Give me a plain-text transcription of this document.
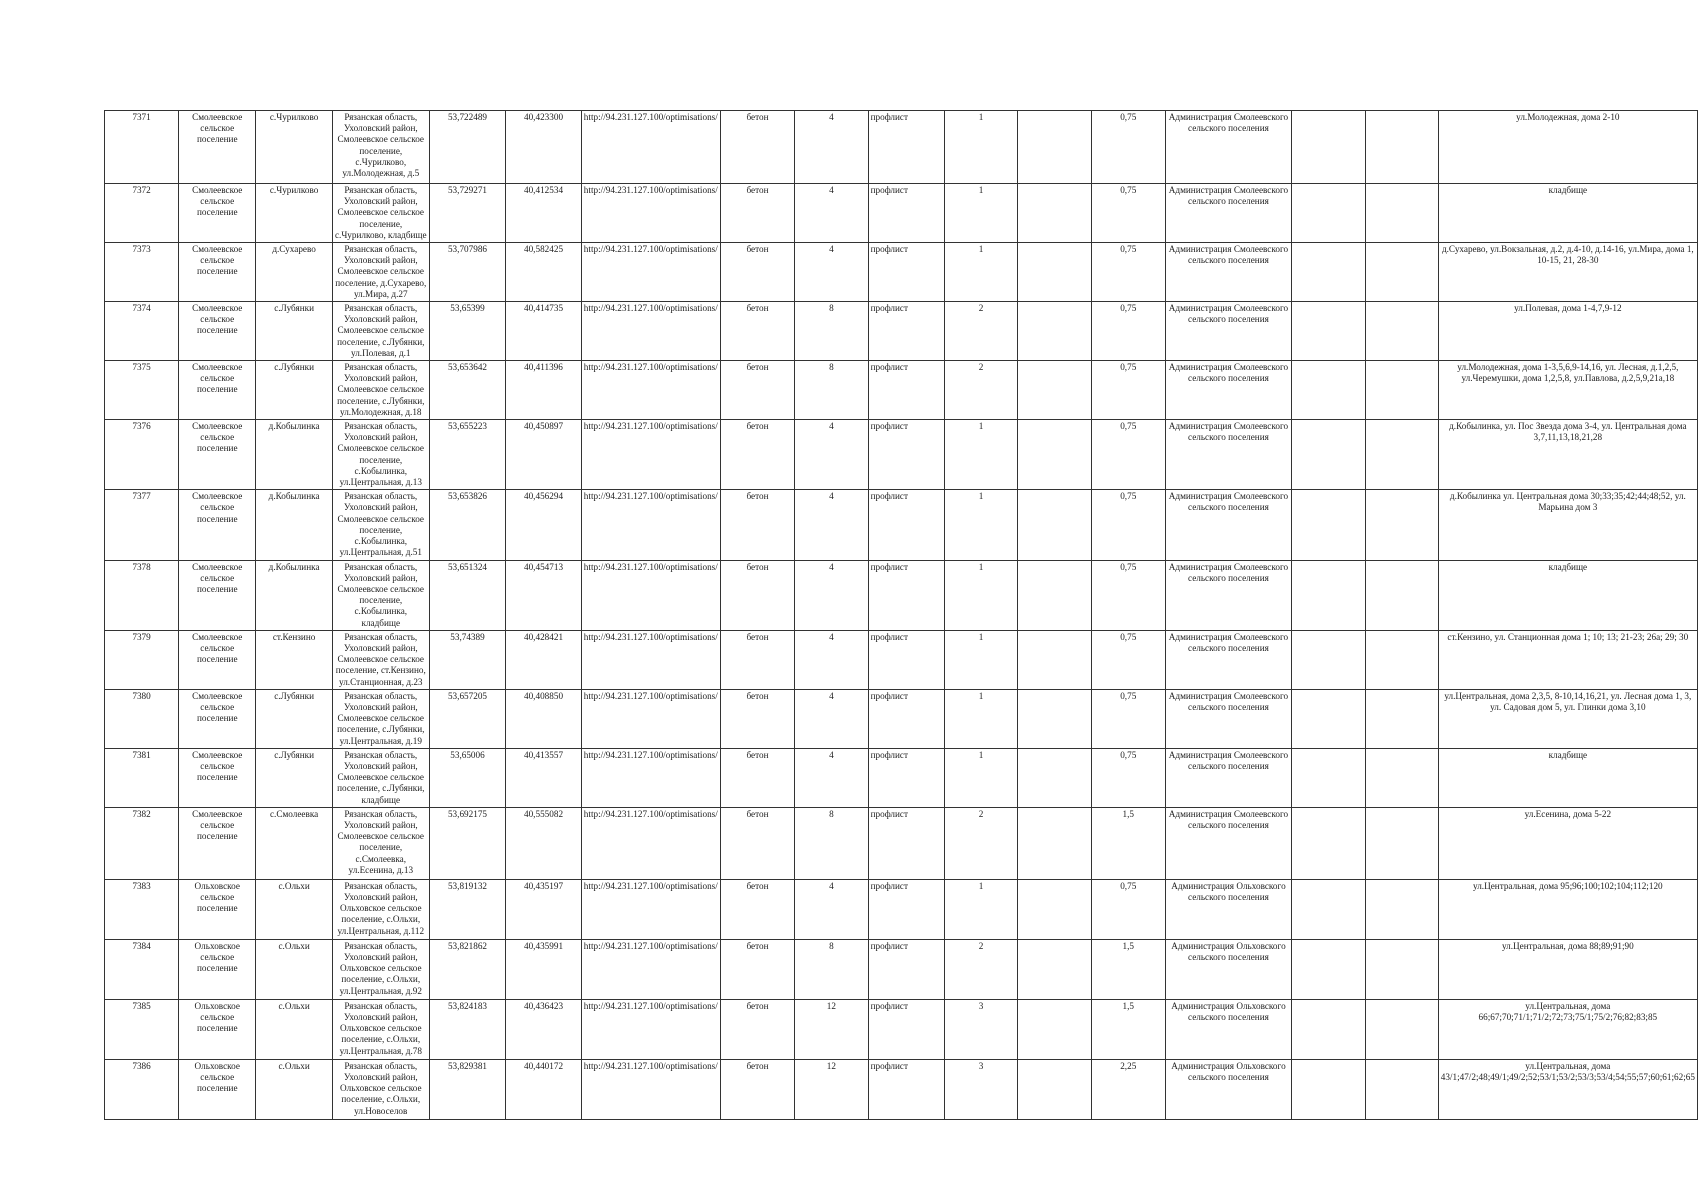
7371	Смолеевское сельское поселение	с.Чурилково	Рязанская область, Ухоловский район, Смолеевское сельское поселение, с.Чурилково, ул.Молодежная, д.5	53,722489	40,423300	http://94.231.127.100/optimisations/	бетон	4	профлист	1		0,75	Администрация Смолеевского сельского поселения			ул.Молодежная, дома 2-10
7372	Смолеевское сельское поселение	с.Чурилково	Рязанская область, Ухоловский район, Смолеевское сельское поселение, с.Чурилково, кладбище	53,729271	40,412534	http://94.231.127.100/optimisations/	бетон	4	профлист	1		0,75	Администрация Смолеевского сельского поселения			кладбище
7373	Смолеевское сельское поселение	д.Сухарево	Рязанская область, Ухоловский район, Смолеевское сельское поселение, д.Сухарево, ул.Мира, д.27	53,707986	40,582425	http://94.231.127.100/optimisations/	бетон	4	профлист	1		0,75	Администрация Смолеевского сельского поселения			д.Сухарево, ул.Вокзальная, д.2, д.4-10, д.14-16, ул.Мира, дома 1, 10-15, 21, 28-30
7374	Смолеевское сельское поселение	с.Лубянки	Рязанская область, Ухоловский район, Смолеевское сельское поселение, с.Лубянки, ул.Полевая, д.1	53,65399	40,414735	http://94.231.127.100/optimisations/	бетон	8	профлист	2		0,75	Администрация Смолеевского сельского поселения			ул.Полевая, дома 1-4,7,9-12
7375	Смолеевское сельское поселение	с.Лубянки	Рязанская область, Ухоловский район, Смолеевское сельское поселение, с.Лубянки, ул.Молодежная, д.18	53,653642	40,411396	http://94.231.127.100/optimisations/	бетон	8	профлист	2		0,75	Администрация Смолеевского сельского поселения			ул.Молодежная, дома 1-3,5,6,9-14,16, ул. Лесная, д.1,2,5, ул.Черемушки, дома 1,2,5,8, ул.Павлова, д.2,5,9,21а,18
7376	Смолеевское сельское поселение	д.Кобылинка	Рязанская область, Ухоловский район, Смолеевское сельское поселение, с.Кобылинка, ул.Центральная, д.13	53,655223	40,450897	http://94.231.127.100/optimisations/	бетон	4	профлист	1		0,75	Администрация Смолеевского сельского поселения			д.Кобылинка, ул. Пос Звезда дома 3-4, ул. Центральная дома 3,7,11,13,18,21,28
7377	Смолеевское сельское поселение	д.Кобылинка	Рязанская область, Ухоловский район, Смолеевское сельское поселение, с.Кобылинка, ул.Центральная, д.51	53,653826	40,456294	http://94.231.127.100/optimisations/	бетон	4	профлист	1		0,75	Администрация Смолеевского сельского поселения			д.Кобылинка ул. Центральная дома 30;33;35;42;44;48;52, ул. Марьина дом 3
7378	Смолеевское сельское поселение	д.Кобылинка	Рязанская область, Ухоловский район, Смолеевское сельское поселение, с.Кобылинка, кладбище	53,651324	40,454713	http://94.231.127.100/optimisations/	бетон	4	профлист	1		0,75	Администрация Смолеевского сельского поселения			кладбище
7379	Смолеевское сельское поселение	ст.Кензино	Рязанская область, Ухоловский район, Смолеевское сельское поселение, ст.Кензино, ул.Станционная, д.23	53,74389	40,428421	http://94.231.127.100/optimisations/	бетон	4	профлист	1		0,75	Администрация Смолеевского сельского поселения			ст.Кензино, ул. Станционная дома 1; 10; 13; 21-23; 26а; 29; 30
7380	Смолеевское сельское поселение	с.Лубянки	Рязанская область, Ухоловский район, Смолеевское сельское поселение, с.Лубянки, ул.Центральная, д.19	53,657205	40,408850	http://94.231.127.100/optimisations/	бетон	4	профлист	1		0,75	Администрация Смолеевского сельского поселения			ул.Центральная, дома 2,3,5, 8-10,14,16,21, ул. Лесная дома 1, 3, ул. Садовая дом 5, ул. Глинки дома 3,10
7381	Смолеевское сельское поселение	с.Лубянки	Рязанская область, Ухоловский район, Смолеевское сельское поселение, с.Лубянки, кладбище	53,65006	40,413557	http://94.231.127.100/optimisations/	бетон	4	профлист	1		0,75	Администрация Смолеевского сельского поселения			кладбище
7382	Смолеевское сельское поселение	с.Смолеевка	Рязанская область, Ухоловский район, Смолеевское сельское поселение, с.Смолеевка, ул.Есенина, д.13	53,692175	40,555082	http://94.231.127.100/optimisations/	бетон	8	профлист	2		1,5	Администрация Смолеевского сельского поселения			ул.Есенина, дома 5-22
7383	Ольховское сельское поселение	с.Ольхи	Рязанская область, Ухоловский район, Ольховское сельское поселение, с.Ольхи, ул.Центральная, д.112	53,819132	40,435197	http://94.231.127.100/optimisations/	бетон	4	профлист	1		0,75	Администрация Ольховского сельского поселения			ул.Центральная, дома 95;96;100;102;104;112;120
7384	Ольховское сельское поселение	с.Ольхи	Рязанская область, Ухоловский район, Ольховское сельское поселение, с.Ольхи, ул.Центральная, д.92	53,821862	40,435991	http://94.231.127.100/optimisations/	бетон	8	профлист	2		1,5	Администрация Ольховского сельского поселения			ул.Центральная, дома 88;89;91;90
7385	Ольховское сельское поселение	с.Ольхи	Рязанская область, Ухоловский район, Ольховское сельское поселение, с.Ольхи, ул.Центральная, д.78	53,824183	40,436423	http://94.231.127.100/optimisations/	бетон	12	профлист	3		1,5	Администрация Ольховского сельского поселения			ул.Центральная, дома 66;67;70;71/1;71/2;72;73;75/1;75/2;76;82;83;85
7386	Ольховское сельское поселение	с.Ольхи	Рязанская область, Ухоловский район, Ольховское сельское поселение, с.Ольхи, ул.Новоселов	53,829381	40,440172	http://94.231.127.100/optimisations/	бетон	12	профлист	3		2,25	Администрация Ольховского сельского поселения			ул.Центральная, дома 43/1;47/2;48;49/1;49/2;52;53/1;53/2;53/3;53/4;54;55;57;60;61;62;65
